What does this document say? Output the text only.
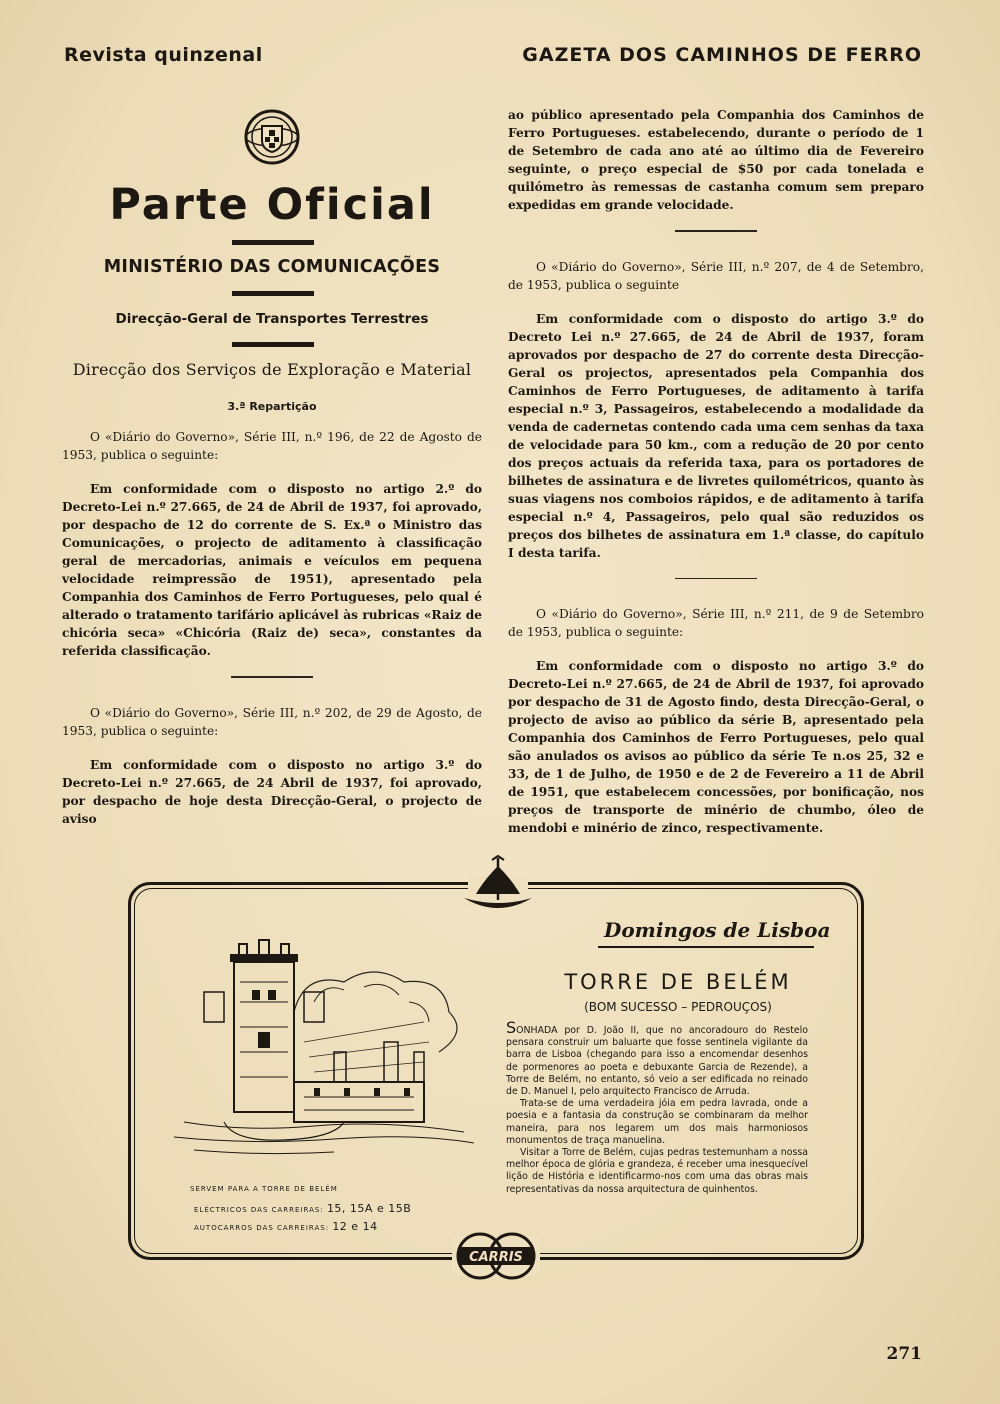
Revista quinzenal	GAZETA DOS CAMINHOS DE FERRO
Parte Oficial
MINISTÉRIO DAS COMUNICAÇÕES
Direcção-Geral de Transportes Terrestres
Direcção dos Serviços de Exploração e Material
3.ª Repartição

O «Diário do Governo», Série III, n.º 196, de 22 de Agosto de 1953, publica o seguinte:

Em conformidade com o disposto no artigo 2.º do Decreto-Lei n.º 27.665, de 24 de Abril de 1937, foi aprovado, por despacho de 12 do corrente de S. Ex.ª o Ministro das Comunicações, o projecto de aditamento à classificação geral de mercadorias, animais e veículos em pequena velocidade reimpressão de 1951), apresentado pela Companhia dos Caminhos de Ferro Portugueses, pelo qual é alterado o tratamento tarifário aplicável às rubricas «Raiz de chicória seca» «Chicória (Raiz de) seca», constantes da referida classificação.

O «Diário do Governo», Série III, n.º 202, de 29 de Agosto, de 1953, publica o seguinte:

Em conformidade com o disposto no artigo 3.º do Decreto-Lei n.º 27.665, de 24 Abril de 1937, foi aprovado, por despacho de hoje desta Direcção-Geral, o projecto de aviso

ao público apresentado pela Companhia dos Caminhos de Ferro Portugueses. estabelecendo, durante o período de 1 de Setembro de cada ano até ao último dia de Fevereiro seguinte, o preço especial de $50 por cada tonelada e quilómetro às remessas de castanha comum sem preparo expedidas em grande velocidade.

O «Diário do Governo», Série III, n.º 207, de 4 de Setembro, de 1953, publica o seguinte

Em conformidade com o disposto do artigo 3.º do Decreto Lei n.º 27.665, de 24 de Abril de 1937, foram aprovados por despacho de 27 do corrente desta Direcção-Geral os projectos, apresentados pela Companhia dos Caminhos de Ferro Portugueses, de aditamento à tarifa especial n.º 3, Passageiros, estabelecendo a modalidade da venda de cadernetas contendo cada uma cem senhas da taxa de velocidade para 50 km., com a redução de 20 por cento dos preços actuais da referida taxa, para os portadores de bilhetes de assinatura e de livretes quilométricos, quanto às suas viagens nos comboios rápidos, e de aditamento à tarifa especial n.º 4, Passageiros, pelo qual são reduzidos os preços dos bilhetes de assinatura em 1.ª classe, do capítulo I desta tarifa.

O «Diário do Governo», Série III, n.º 211, de 9 de Setembro de 1953, publica o seguinte:

Em conformidade com o disposto no artigo 3.º do Decreto-Lei n.º 27.665, de 24 de Abril de 1937, foi aprovado por despacho de 31 de Agosto findo, desta Direcção-Geral, o projecto de aviso ao público da série B, apresentado pela Companhia dos Caminhos de Ferro Portugueses, pelo qual são anulados os avisos ao público da série Te n.os 25, 32 e 33, de 1 de Julho, de 1950 e de 2 de Fevereiro a 11 de Abril de 1951, que estabelecem concessões, por bonificação, nos preços de transporte de minério de chumbo, óleo de mendobi e minério de zinco, respectivamente.

Domingos de Lisboa
TORRE DE BELÉM
(BOM SUCESSO – PEDROUÇOS)

SONHADA por D. João II, que no ancoradouro do Restelo pensara construir um baluarte que fosse sentinela vigilante da barra de Lisboa (chegando para isso a encomendar desenhos de pormenores ao poeta e debuxante Garcia de Rezende), a Torre de Belém, no entanto, só veio a ser edificada no reinado de D. Manuel I, pelo arquitecto Francisco de Arruda.

Trata-se de uma verdadeira jóia em pedra lavrada, onde a poesia e a fantasia da construção se combinaram da melhor maneira, para nos legarem um dos mais harmoniosos monumentos de traça manuelina.

Visitar a Torre de Belém, cujas pedras testemunham a nossa melhor época de glória e grandeza, é receber uma inesquecível lição de História e identificarmo-nos com uma das obras mais representativas da nossa arquitectura de quinhentos.

SERVEM PARA A TORRE DE BELÉM
ELÉCTRICOS DAS CARREIRAS: 15, 15A e 15B
AUTOCARROS DAS CARREIRAS: 12 e 14
CARRIS
271
